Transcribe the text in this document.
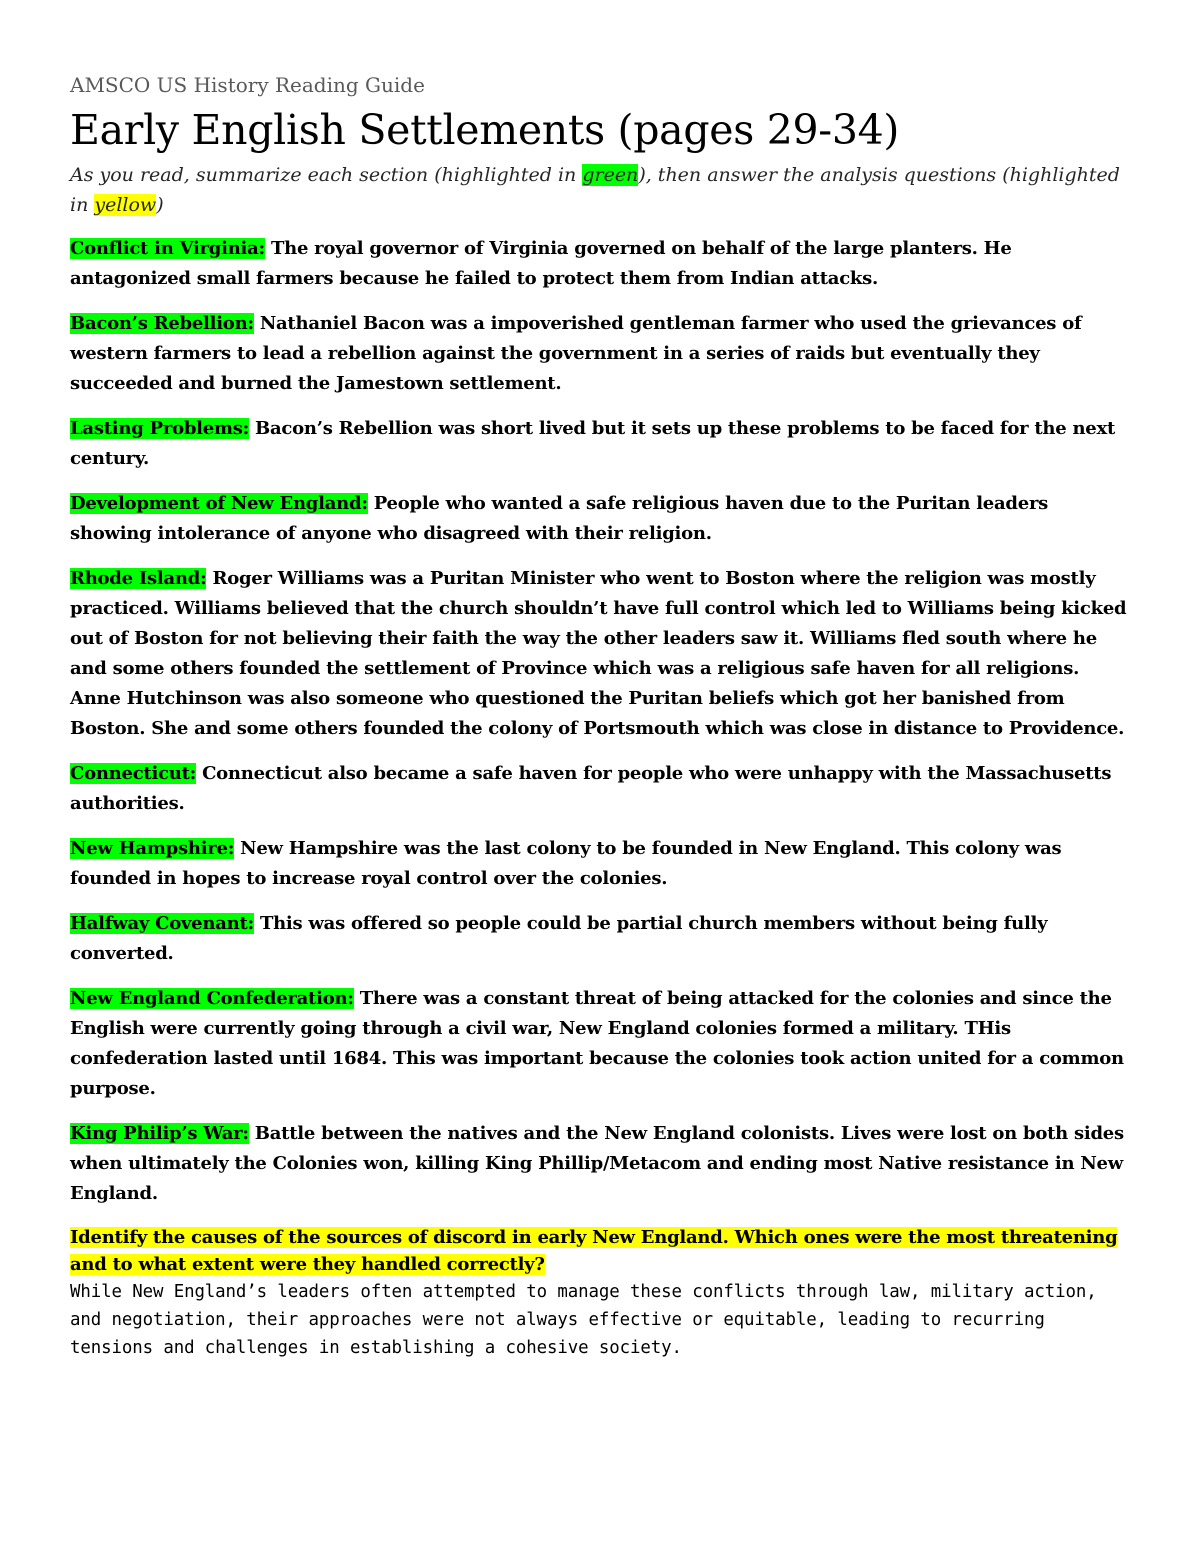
AMSCO US History Reading Guide

Early English Settlements (pages 29-34)

As you read, summarize each section (highlighted in green), then answer the analysis questions (highlighted in yellow)

Conflict in Virginia: The royal governor of Virginia governed on behalf of the large planters. He antagonized small farmers because he failed to protect them from Indian attacks.

Bacon’s Rebellion: Nathaniel Bacon was a impoverished gentleman farmer who used the grievances of western farmers to lead a rebellion against the government in a series of raids but eventually they succeeded and burned the Jamestown settlement.

Lasting Problems: Bacon’s Rebellion was short lived but it sets up these problems to be faced for the next century.

Development of New England: People who wanted a safe religious haven due to the Puritan leaders showing intolerance of anyone who disagreed with their religion.

Rhode Island: Roger Williams was a Puritan Minister who went to Boston where the religion was mostly practiced. Williams believed that the church shouldn’t have full control which led to Williams being kicked out of Boston for not believing their faith the way the other leaders saw it. Williams fled south where he and some others founded the settlement of Province which was a religious safe haven for all religions. Anne Hutchinson was also someone who questioned the Puritan beliefs which got her banished from Boston. She and some others founded the colony of Portsmouth which was close in distance to Providence.

Connecticut: Connecticut also became a safe haven for people who were unhappy with the Massachusetts authorities.

New Hampshire: New Hampshire was the last colony to be founded in New England. This colony was founded in hopes to increase royal control over the colonies.

Halfway Covenant: This was offered so people could be partial church members without being fully converted.

New England Confederation: There was a constant threat of being attacked for the colonies and since the English were currently going through a civil war, New England colonies formed a military. THis confederation lasted until 1684. This was important because the colonies took action united for a common purpose.

King Philip’s War: Battle between the natives and the New England colonists. Lives were lost on both sides when ultimately the Colonies won, killing King Phillip/Metacom and ending most Native resistance in New England.

Identify the causes of the sources of discord in early New England. Which ones were the most threatening and to what extent were they handled correctly?

While New England’s leaders often attempted to manage these conflicts through law, military action, and negotiation, their approaches were not always effective or equitable, leading to recurring tensions and challenges in establishing a cohesive society.
